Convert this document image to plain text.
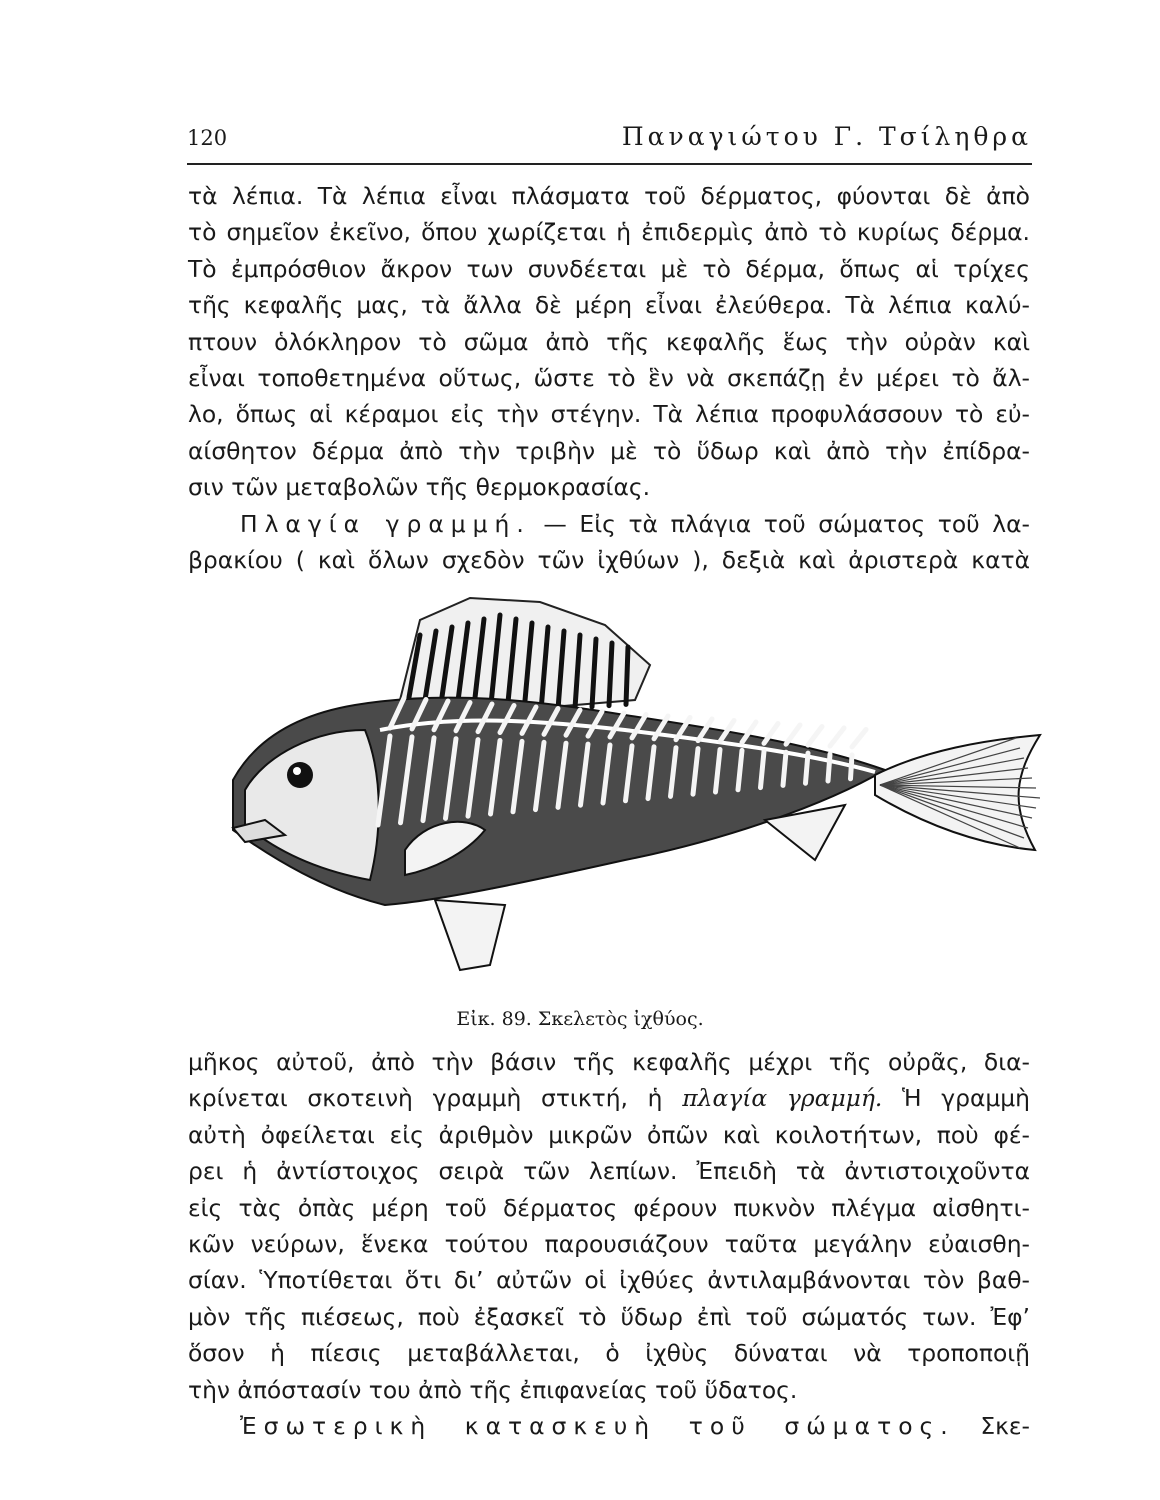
120	Παναγιώτου Γ. Τσίληθρα
τὰ λέπια. Τὰ λέπια εἶναι πλάσματα τοῦ δέρματος, φύονται δὲ ἀπὸ
τὸ σημεῖον ἐκεῖνο, ὅπου χωρίζεται ἡ ἐπιδερμὶς ἀπὸ τὸ κυρίως δέρμα.
Τὸ ἐμπρόσθιον ἄκρον των συνδέεται μὲ τὸ δέρμα, ὅπως αἱ τρίχες
τῆς κεφαλῆς μας, τὰ ἄλλα δὲ μέρη εἶναι ἐλεύθερα. Τὰ λέπια καλύ-
πτουν ὁλόκληρον τὸ σῶμα ἀπὸ τῆς κεφαλῆς ἕως τὴν οὐρὰν καὶ
εἶναι τοποθετημένα οὕτως, ὥστε τὸ ἓν νὰ σκεπάζῃ ἐν μέρει τὸ ἄλ-
λο, ὅπως αἱ κέραμοι εἰς τὴν στέγην. Τὰ λέπια προφυλάσσουν τὸ εὐ-
αίσθητον δέρμα ἀπὸ τὴν τριβὴν μὲ τὸ ὕδωρ καὶ ἀπὸ τὴν ἐπίδρα-
σιν τῶν μεταβολῶν τῆς θερμοκρασίας.
Πλαγία γραμμή. — Εἰς τὰ πλάγια τοῦ σώματος τοῦ λα-
βρακίου ( καὶ ὅλων σχεδὸν τῶν ἰχθύων ), δεξιὰ καὶ ἀριστερὰ κατὰ
Εἰκ. 89. Σκελετὸς ἰχθύος.
μῆκος αὐτοῦ, ἀπὸ τὴν βάσιν τῆς κεφαλῆς μέχρι τῆς οὐρᾶς, δια-
κρίνεται σκοτεινὴ γραμμὴ στικτή, ἡ πλαγία γραμμή. Ἡ γραμμὴ
αὐτὴ ὀφείλεται εἰς ἀριθμὸν μικρῶν ὀπῶν καὶ κοιλοτήτων, ποὺ φέ-
ρει ἡ ἀντίστοιχος σειρὰ τῶν λεπίων. Ἐπειδὴ τὰ ἀντιστοιχοῦντα
εἰς τὰς ὀπὰς μέρη τοῦ δέρματος φέρουν πυκνὸν πλέγμα αἰσθητι-
κῶν νεύρων, ἕνεκα τούτου παρουσιάζουν ταῦτα μεγάλην εὐαισθη-
σίαν. Ὑποτίθεται ὅτι δι’ αὐτῶν οἱ ἰχθύες ἀντιλαμβάνονται τὸν βαθ-
μὸν τῆς πιέσεως, ποὺ ἐξασκεῖ τὸ ὕδωρ ἐπὶ τοῦ σώματός των. Ἐφ’
ὅσον ἡ πίεσις μεταβάλλεται, ὁ ἰχθὺς δύναται νὰ τροποποιῇ
τὴν ἀπόστασίν του ἀπὸ τῆς ἐπιφανείας τοῦ ὕδατος.
Ἐσωτερικὴ κατασκευὴ τοῦ σώματος. Σκε-
